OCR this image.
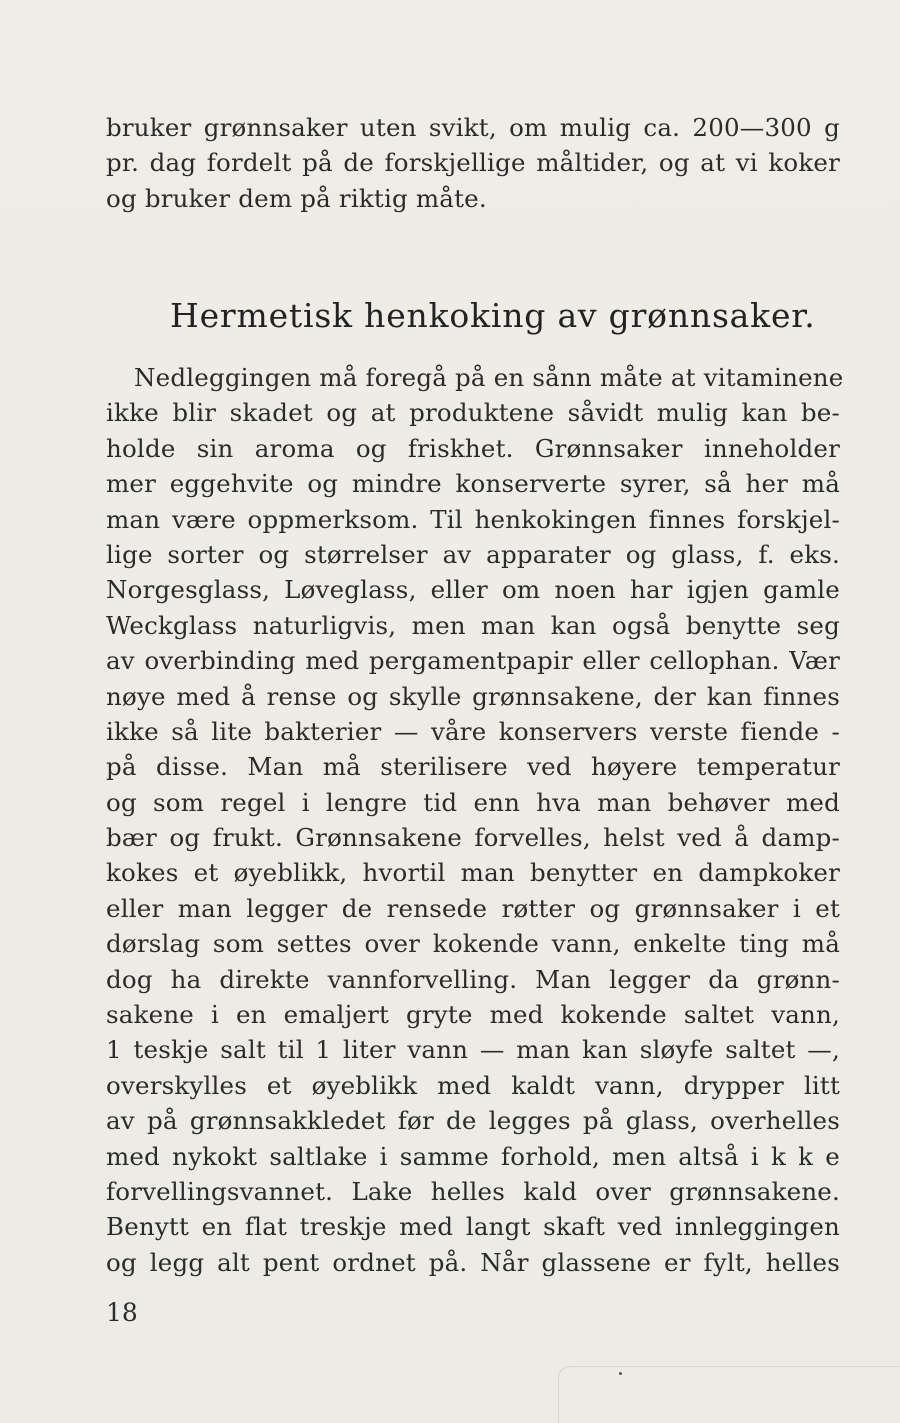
bruker grønnsaker uten svikt, om mulig ca. 200—300 g
pr. dag fordelt på de forskjellige måltider, og at vi koker
og bruker dem på riktig måte.
Hermetisk henkoking av grønnsaker.
Nedleggingen må foregå på en sånn måte at vitaminene
ikke blir skadet og at produktene såvidt mulig kan be-
holde sin aroma og friskhet. Grønnsaker inneholder
mer eggehvite og mindre konserverte syrer, så her må
man være oppmerksom. Til henkokingen finnes forskjel-
lige sorter og størrelser av apparater og glass, f. eks.
Norgesglass, Løveglass, eller om noen har igjen gamle
Weckglass naturligvis, men man kan også benytte seg
av overbinding med pergamentpapir eller cellophan. Vær
nøye med å rense og skylle grønnsakene, der kan finnes
ikke så lite bakterier — våre konservers verste fiende -
på disse. Man må sterilisere ved høyere temperatur
og som regel i lengre tid enn hva man behøver med
bær og frukt. Grønnsakene forvelles, helst ved å damp-
kokes et øyeblikk, hvortil man benytter en dampkoker
eller man legger de rensede røtter og grønnsaker i et
dørslag som settes over kokende vann, enkelte ting må
dog ha direkte vannforvelling. Man legger da grønn-
sakene i en emaljert gryte med kokende saltet vann,
1 teskje salt til 1 liter vann — man kan sløyfe saltet —,
overskylles et øyeblikk med kaldt vann, drypper litt
av på grønnsakkledet før de legges på glass, overhelles
med nykokt saltlake i samme forhold, men altså i k k e
forvellingsvannet. Lake helles kald over grønnsakene.
Benytt en flat treskje med langt skaft ved innleggingen
og legg alt pent ordnet på. Når glassene er fylt, helles
18
